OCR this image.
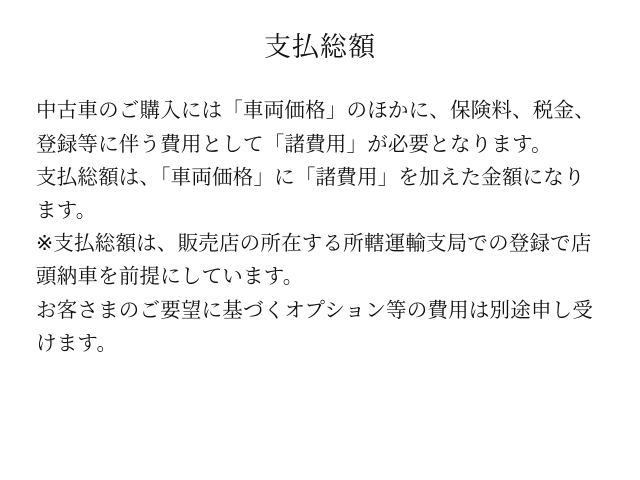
支払総額

中古車のご購入には「車両価格」のほかに、保険料、税金、登録等に伴う費用として「諸費用」が必要となります。

支払総額は、「車両価格」に「諸費用」を加えた金額になります。

※支払総額は、販売店の所在する所轄運輸支局での登録で店頭納車を前提にしています。

お客さまのご要望に基づくオプション等の費用は別途申し受けます。
